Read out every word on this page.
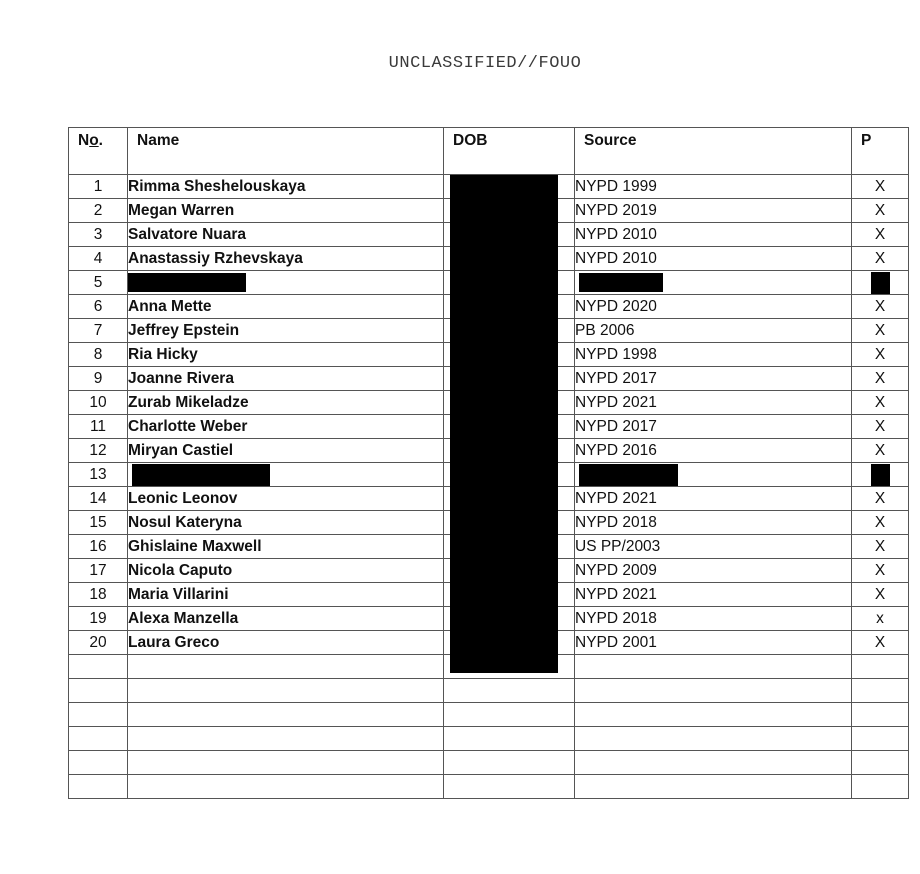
UNCLASSIFIED//FOUO
No.	Name	DOB	Source	P
1	Rimma Sheshelouskaya		NYPD 1999	X
2	Megan Warren		NYPD 2019	X
3	Salvatore Nuara		NYPD 2010	X
4	Anastassiy Rzhevskaya		NYPD 2010	X
5				
6	Anna Mette		NYPD 2020	X
7	Jeffrey Epstein		PB 2006	X
8	Ria Hicky		NYPD 1998	X
9	Joanne Rivera		NYPD 2017	X
10	Zurab Mikeladze		NYPD 2021	X
11	Charlotte Weber		NYPD 2017	X
12	Miryan Castiel		NYPD 2016	X
13				
14	Leonic Leonov		NYPD 2021	X
15	Nosul Kateryna		NYPD 2018	X
16	Ghislaine Maxwell		US PP/2003	X
17	Nicola Caputo		NYPD 2009	X
18	Maria Villarini		NYPD 2021	X
19	Alexa Manzella		NYPD 2018	x
20	Laura Greco		NYPD 2001	X
